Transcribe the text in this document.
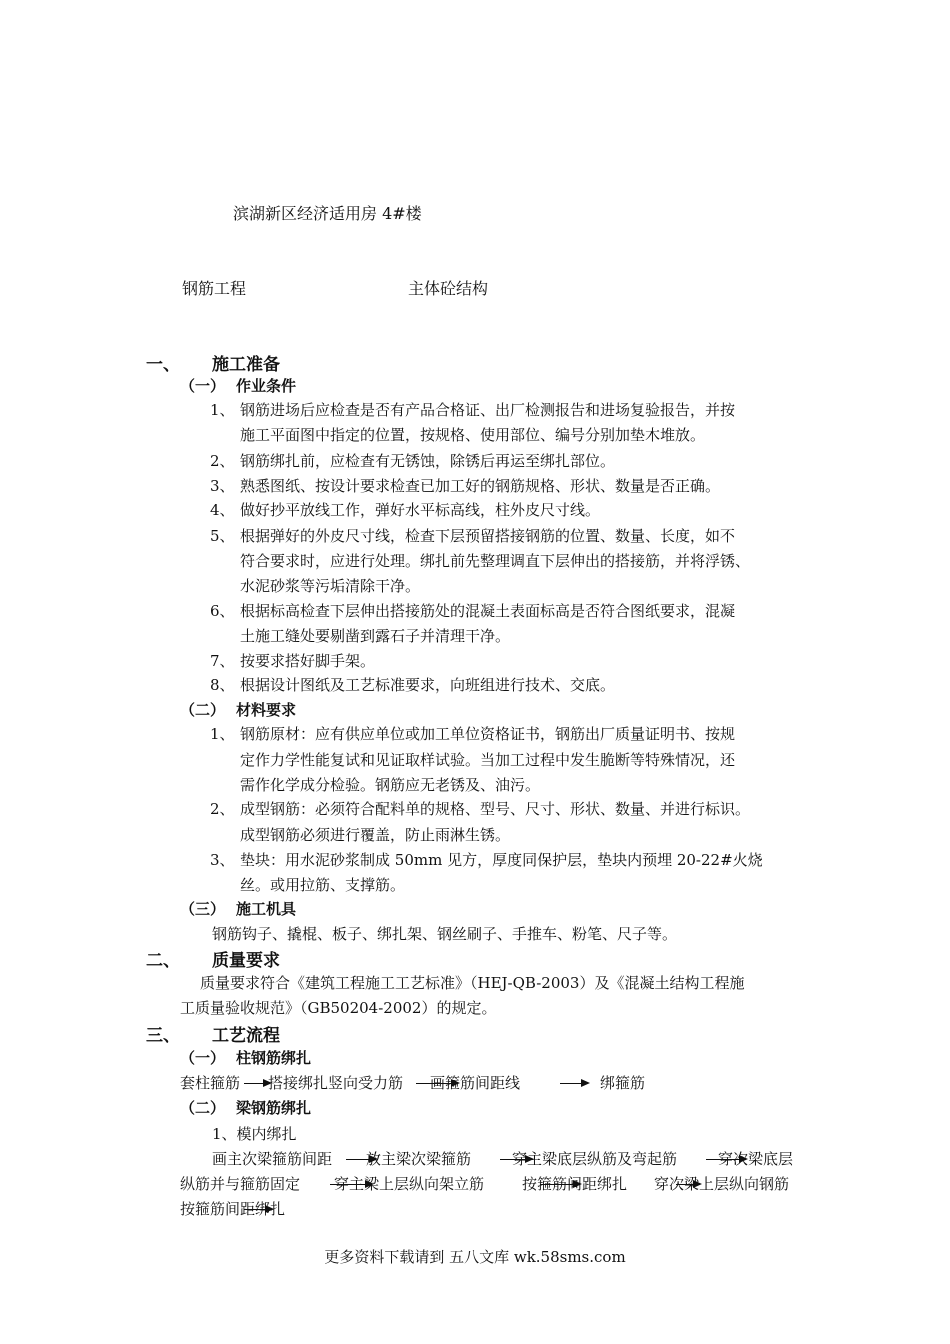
滨湖新区经济适用房 4#楼
钢筋工程	主体砼结构
一、 施工准备
（一） 作业条件
1、 钢筋进场后应检查是否有产品合格证、出厂检测报告和进场复验报告，并按
施工平面图中指定的位置，按规格、使用部位、编号分别加垫木堆放。
2、 钢筋绑扎前，应检查有无锈蚀，除锈后再运至绑扎部位。
3、 熟悉图纸、按设计要求检查已加工好的钢筋规格、形状、数量是否正确。
4、 做好抄平放线工作，弹好水平标高线，柱外皮尺寸线。
5、 根据弹好的外皮尺寸线，检查下层预留搭接钢筋的位置、数量、长度，如不
符合要求时，应进行处理。绑扎前先整理调直下层伸出的搭接筋，并将浮锈、
水泥砂浆等污垢清除干净。
6、 根据标高检查下层伸出搭接筋处的混凝土表面标高是否符合图纸要求，混凝
土施工缝处要剔凿到露石子并清理干净。
7、 按要求搭好脚手架。
8、 根据设计图纸及工艺标准要求，向班组进行技术、交底。
（二） 材料要求
1、 钢筋原材：应有供应单位或加工单位资格证书，钢筋出厂质量证明书、按规
定作力学性能复试和见证取样试验。当加工过程中发生脆断等特殊情况，还
需作化学成分检验。钢筋应无老锈及、油污。
2、 成型钢筋：必须符合配料单的规格、型号、尺寸、形状、数量、并进行标识。
成型钢筋必须进行覆盖，防止雨淋生锈。
3、 垫块：用水泥砂浆制成 50mm 见方，厚度同保护层，垫块内预埋 20-22#火烧
丝。或用拉筋、支撑筋。
（三） 施工机具
钢筋钩子、撬棍、板子、绑扎架、钢丝刷子、手推车、粉笔、尺子等。
二、 质量要求
质量要求符合《建筑工程施工工艺标准》（HEJ-QB-2003）及《混凝土结构工程施
工质量验收规范》（GB50204-2002）的规定。
三、 工艺流程
（一） 柱钢筋绑扎
套柱箍筋 搭接绑扎竖向受力筋 画箍筋间距线	绑箍筋
（二） 梁钢筋绑扎
1、模内绑扎
画主次梁箍筋间距 放主梁次梁箍筋	穿主梁底层纵筋及弯起筋	穿次梁底层
纵筋并与箍筋固定 穿主梁上层纵向架立筋	按箍筋间距绑扎 穿次梁上层纵向钢筋
按箍筋间距绑扎
更多资料下载请到 五八文库 wk.58sms.com
